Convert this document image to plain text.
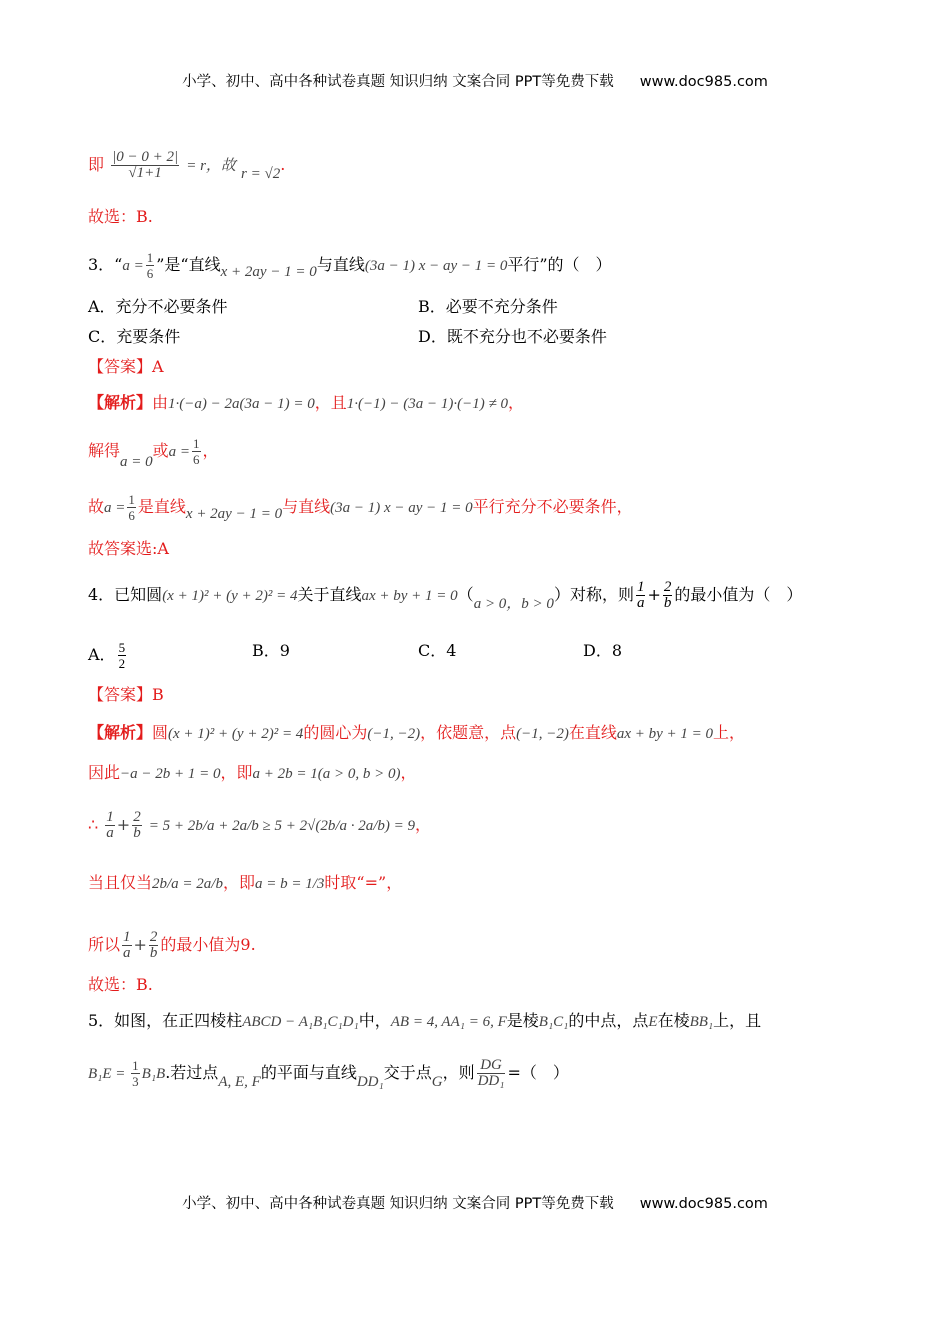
小学、初中、高中各种试卷真题 知识归纳 文案合同 PPT等免费下载 www.doc985.com
即 $\frac{|0 - 0 + 2|}{√1+1} = r$，故 r = √2.
故选：B.
3．“$a = \frac{1}{6}$ ”是“直线x + 2ay − 1 = 0与直线(3a − 1) x − ay − 1 = 0平行”的（　）
A．充分不必要条件	B．必要不充分条件
C．充要条件	D．既不充分也不必要条件
【答案】A
【解析】由1·(−a) − 2a(3a − 1) = 0，且1·(−1) − (3a − 1)·(−1) ≠ 0，
解得a = 0或$a = \frac{1}{6}$ ，
故$a = \frac{1}{6}$ 是直线x + 2ay − 1 = 0与直线(3a − 1) x − ay − 1 = 0平行充分不必要条件，
故答案选:A
4．已知圆(x + 1)² + (y + 2)² = 4关于直线ax + by + 1 = 0（a > 0，b > 0）对称，则 $\frac{1}{a} + \frac{2}{b}$ 的最小值为（　）
A． $\frac{5}{2}$	B．9	C．4	D．8
【答案】B
【解析】圆(x + 1)² + (y + 2)² = 4的圆心为(−1, −2)，依题意，点(−1, −2)在直线ax + by + 1 = 0上，
因此−a − 2b + 1 = 0，即a + 2b = 1(a > 0, b > 0)，
∴ $\frac{1}{a} + \frac{2}{b} = 5 + 2b/a + 2a/b \ge 5 + 2√(2b/a \cdot 2a/b) = 9$，
当且仅当2b/a = 2a/b，即a = b = 1/3时取“=”，
所以 $\frac{1}{a} + \frac{2}{b}$ 的最小值为9.
故选：B.
5．如图，在正四棱柱ABCD − A₁B₁C₁D₁中，AB = 4, AA₁ = 6, F是棱B₁C₁的中点，点E在棱BB₁上，且
$B_1E = \frac{1}{3} B_1B$.若过点A, E, F的平面与直线DD₁交于点G，则 $\frac{DG}{\text{DD₁}}$ =（　）
小学、初中、高中各种试卷真题 知识归纳 文案合同 PPT等免费下载 www.doc985.com
